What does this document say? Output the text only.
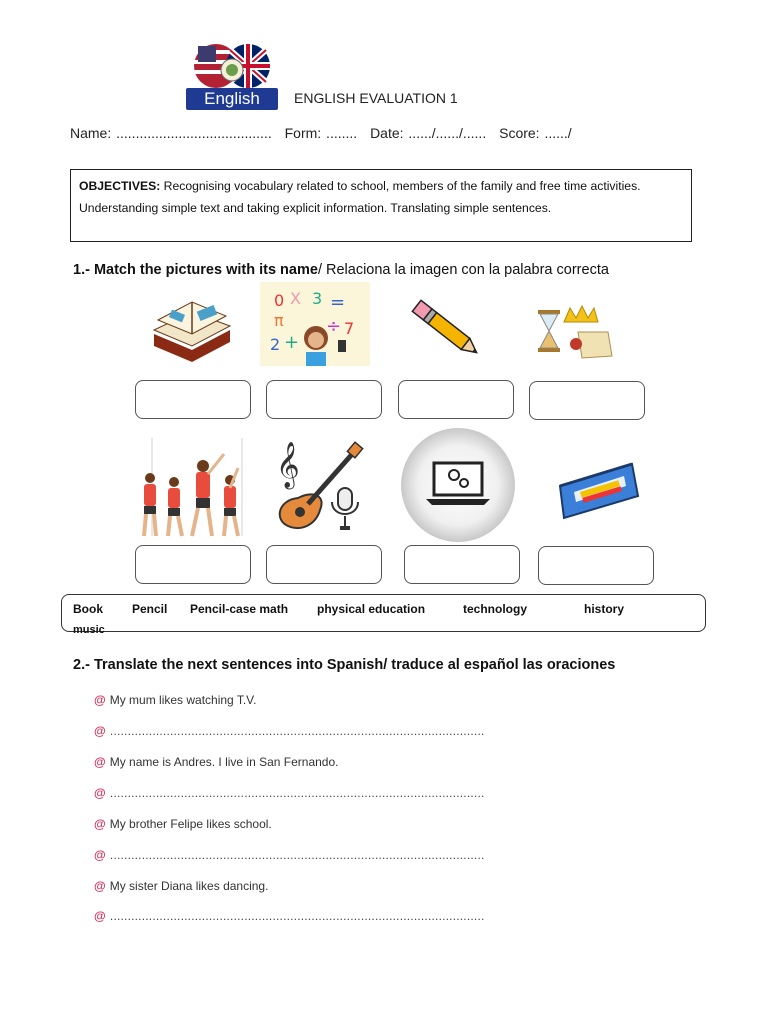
English	ENGLISH EVALUATION 1
Name: ........................................ Form: ........ Date: ....../....../...... Score: ....../
OBJECTIVES: Recognising vocabulary related to school, members of the family and free time activities. Understanding simple text and taking explicit information. Translating simple sentences.
1.- Match the pictures with its name/ Relaciona la imagen con la palabra correcta
0 X 3 =
π ÷ 7
2 +
𝄞
Book Pencil Pencil-case math physical education	technology	history
music
2.- Translate the next sentences into Spanish/ traduce al español las oraciones
@ My mum likes watching T.V.
@ ..........................................................................................................
@ My name is Andres. I live in San Fernando.
@ ..........................................................................................................
@ My brother Felipe likes school.
@ ..........................................................................................................
@ My sister Diana likes dancing.
@ ..........................................................................................................
